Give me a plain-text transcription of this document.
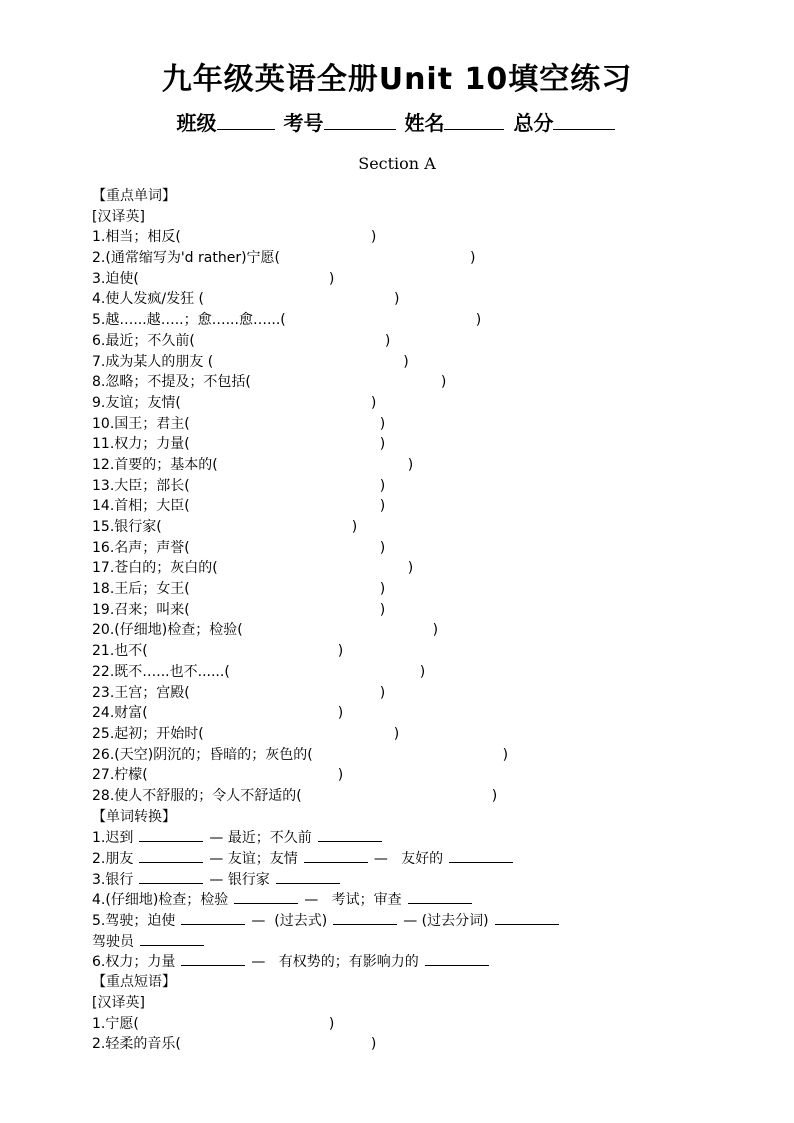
九年级英语全册Unit 10填空练习
班级	考号	姓名	总分
Section A
【重点单词】
[汉译英]
1.相当；相反(	)
2.(通常缩写为'd rather)宁愿(	)
3.迫使(	)
4.使人发疯/发狂 (	)
5.越…...越…..；愈…...愈…...(	)
6.最近；不久前(	)
7.成为某人的朋友 (	)
8.忽略；不提及；不包括(	)
9.友谊；友情(	)
10.国王；君主(	)
11.权力；力量(	)
12.首要的；基本的(	)
13.大臣；部长(	)
14.首相；大臣(	)
15.银行家(	)
16.名声；声誉(	)
17.苍白的；灰白的(	)
18.王后；女王(	)
19.召来；叫来(	)
20.(仔细地)检查；检验(	)
21.也不(	)
22.既不…...也不......(	)
23.王宫；宫殿(	)
24.财富(	)
25.起初；开始时(	)
26.(天空)阴沉的；昏暗的；灰色的(	)
27.柠檬(	)
28.使人不舒服的；令人不舒适的(	)
【单词转换】
1.迟到	— 最近；不久前
2.朋友	— 友谊；友情	— 友好的
3.银行	— 银行家
4.(仔细地)检查；检验	— 考试；审查
5.驾驶；迫使	— (过去式)	— (过去分词)
驾驶员
6.权力；力量	— 有权势的；有影响力的
【重点短语】
[汉译英]
1.宁愿(	)
2.轻柔的音乐(	)
